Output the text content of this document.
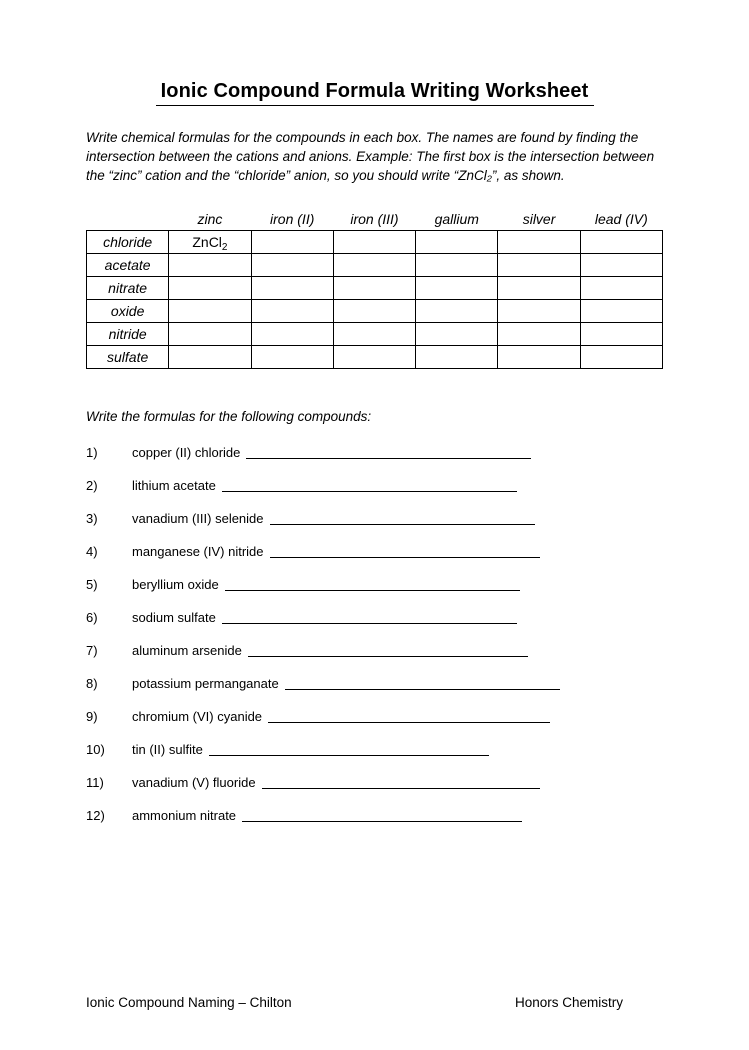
Ionic Compound Formula Writing Worksheet

Write chemical formulas for the compounds in each box. The names are found by finding the intersection between the cations and anions. Example: The first box is the intersection between the “zinc” cation and the “chloride” anion, so you should write “ZnCl₂”, as shown.

	zinc	iron (II)	iron (III)	gallium	silver	lead (IV)
chloride	ZnCl$_2$					
acetate						
nitrate						
oxide						
nitride						
sulfate						

Write the formulas for the following compounds:

1)	copper (II) chloride
2)	lithium acetate
3)	vanadium (III) selenide
4)	manganese (IV) nitride
5)	beryllium oxide
6)	sodium sulfate
7)	aluminum arsenide
8)	potassium permanganate
9)	chromium (VI) cyanide
10)	tin (II) sulfite
11)	vanadium (V) fluoride
12)	ammonium nitrate
Ionic Compound Naming – Chilton	Honors Chemistry
